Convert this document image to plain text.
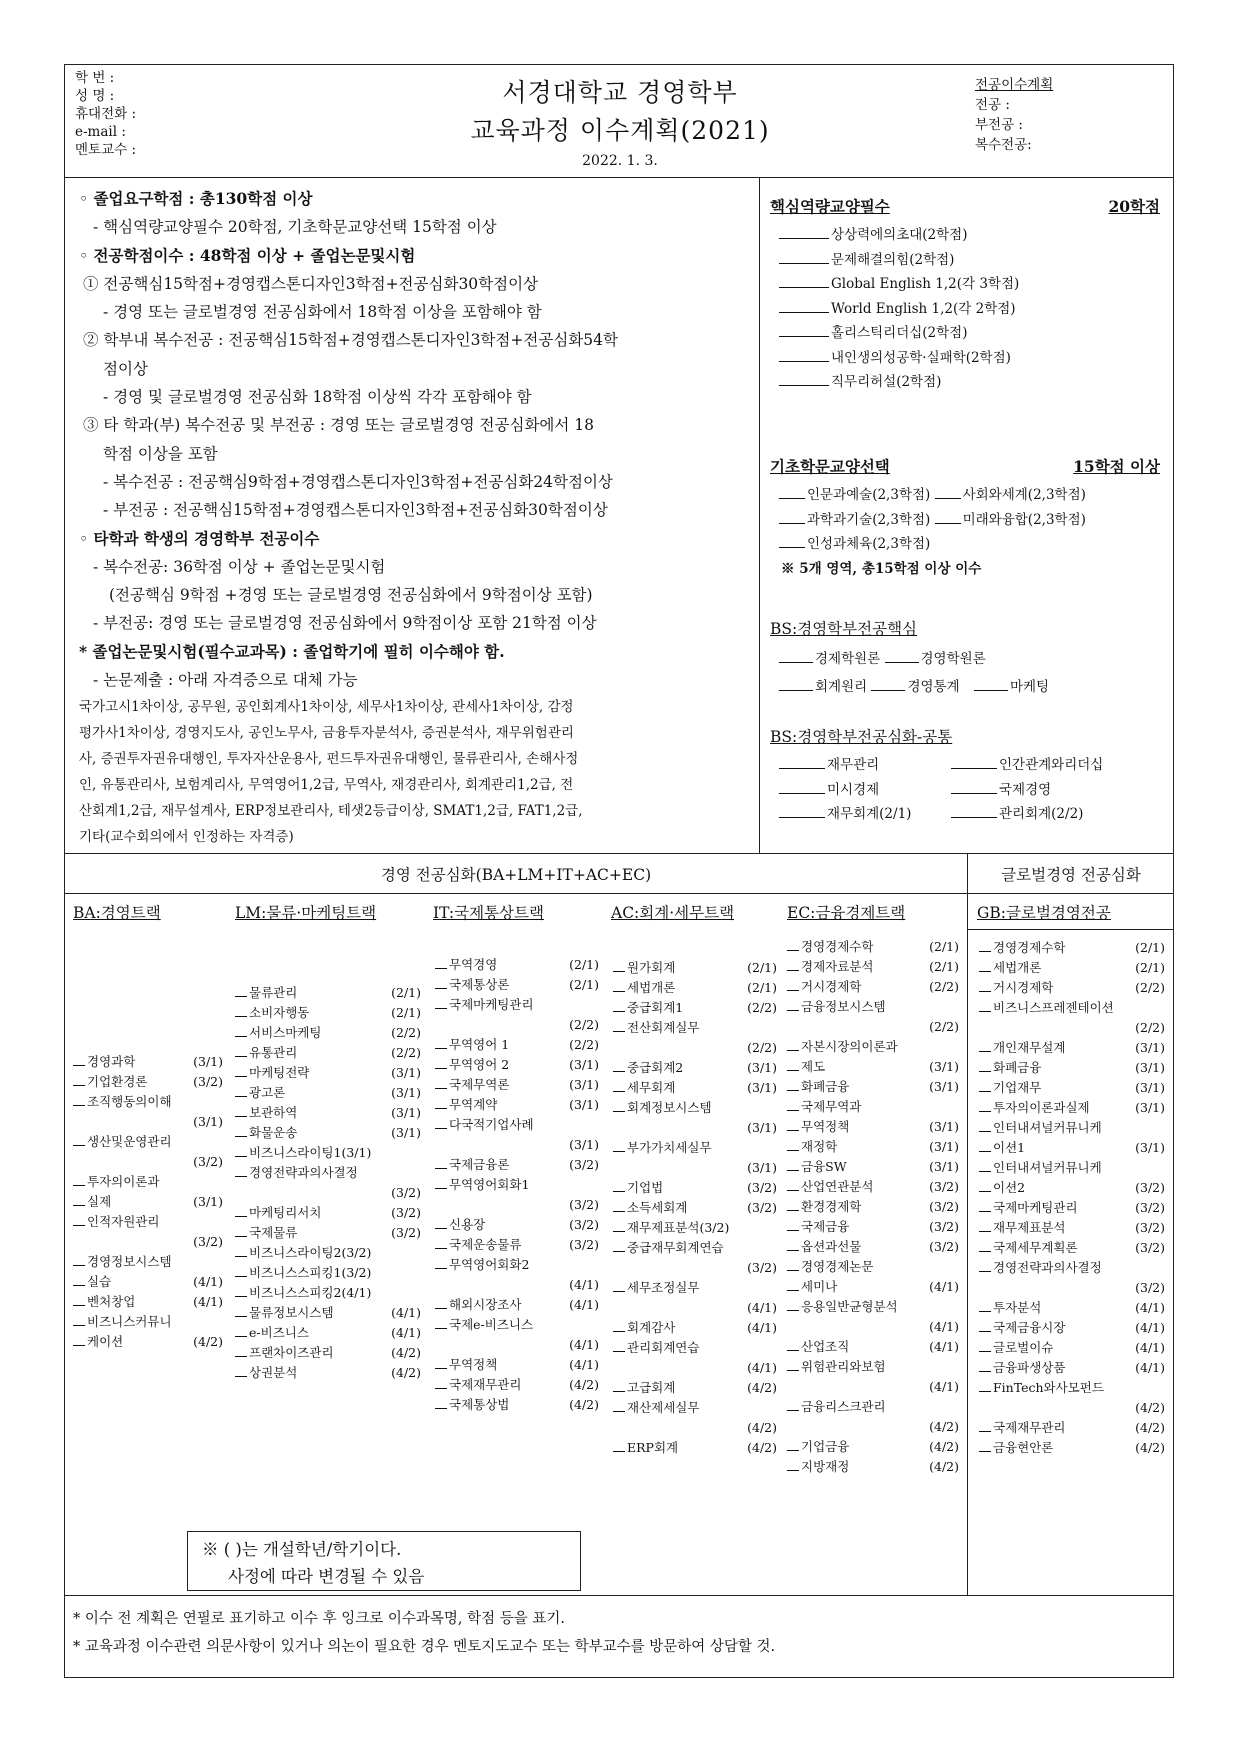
학 번 :
성 명 :
휴대전화 :
e-mail :
멘토교수 :
서경대학교 경영학부
교육과정 이수계획(2021)
2022. 1. 3.
전공이수계획
전공 :
부전공 :
복수전공:
◦ 졸업요구학점 : 총130학점 이상
- 핵심역량교양필수 20학점, 기초학문교양선택 15학점 이상
◦ 전공학점이수 : 48학점 이상 + 졸업논문및시험
① 전공핵심15학점+경영캡스톤디자인3학점+전공심화30학점이상
- 경영 또는 글로벌경영 전공심화에서 18학점 이상을 포함해야 함
② 학부내 복수전공 : 전공핵심15학점+경영캡스톤디자인3학점+전공심화54학
점이상
- 경영 및 글로벌경영 전공심화 18학점 이상씩 각각 포함해야 함
③ 타 학과(부) 복수전공 및 부전공 : 경영 또는 글로벌경영 전공심화에서 18
학점 이상을 포함
- 복수전공 : 전공핵심9학점+경영캡스톤디자인3학점+전공심화24학점이상
- 부전공 : 전공핵심15학점+경영캡스톤디자인3학점+전공심화30학점이상
◦ 타학과 학생의 경영학부 전공이수
- 복수전공: 36학점 이상 + 졸업논문및시험
(전공핵심 9학점 +경영 또는 글로벌경영 전공심화에서 9학점이상 포함)
- 부전공: 경영 또는 글로벌경영 전공심화에서 9학점이상 포함 21학점 이상
* 졸업논문및시험(필수교과목) : 졸업학기에 필히 이수해야 함.
- 논문제출 : 아래 자격증으로 대체 가능
국가고시1차이상, 공무원, 공인회계사1차이상, 세무사1차이상, 관세사1차이상, 감정
평가사1차이상, 경영지도사, 공인노무사, 금융투자분석사, 증권분석사, 재무위험관리
사, 증권투자권유대행인, 투자자산운용사, 펀드투자권유대행인, 물류관리사, 손해사정
인, 유통관리사, 보험계리사, 무역영어1,2급, 무역사, 재경관리사, 회계관리1,2급, 전
산회계1,2급, 재무설계사, ERP정보관리사, 테샛2등급이상, SMAT1,2급, FAT1,2급,
기타(교수회의에서 인정하는 자격증)
핵심역량교양필수	20학점
상상력에의초대(2학점)
문제해결의힘(2학점)
Global English 1,2(각 3학점)
World English 1,2(각 2학점)
홀리스틱리더십(2학점)
내인생의성공학·실패학(2학점)
직무리허설(2학점)
기초학문교양선택	15학점 이상
인문과예술(2,3학점) 사회와세계(2,3학점)
과학과기술(2,3학점) 미래와융합(2,3학점)
인성과체육(2,3학점)
※ 5개 영역, 총15학점 이상 이수
BS:경영학부전공핵심
경제학원론	경영학원론
회계원리	경영통계	마케팅
BS:경영학부전공심화-공통
재무관리	인간관계와리더십
미시경제	국제경영
재무회계(2/1)	관리회계(2/2)
경영 전공심화(BA+LM+IT+AC+EC)	글로벌경영 전공심화
BA:경영트랙	LM:물류·마케팅트랙	IT:국제통상트랙	AC:회계·세무트랙	EC:금융경제트랙	GB:글로벌경영전공
경영과학	(3/1)
기업환경론	(3/2)
조직행동의이해
(3/1)
생산및운영관리
(3/2)
투자의이론과
실제	(3/1)
인적자원관리
(3/2)
경영정보시스템
실습	(4/1)
벤처창업	(4/1)
비즈니스커뮤니
케이션	(4/2)
물류관리	(2/1)
소비자행동	(2/1)
서비스마케팅	(2/2)
유통관리	(2/2)
마케팅전략	(3/1)
광고론	(3/1)
보관하역	(3/1)
화물운송	(3/1)
비즈니스라이팅1(3/1)
경영전략과의사결정
(3/2)
마케팅리서치	(3/2)
국제물류	(3/2)
비즈니스라이팅2(3/2)
비즈니스스피킹1(3/2)
비즈니스스피킹2(4/1)
물류정보시스템	(4/1)
e-비즈니스	(4/1)
프랜차이즈관리	(4/2)
상권분석	(4/2)
무역경영	(2/1)
국제통상론	(2/1)
국제마케팅관리
(2/2)
무역영어 1	(2/2)
무역영어 2	(3/1)
국제무역론	(3/1)
무역계약	(3/1)
다국적기업사례
(3/1)
국제금융론	(3/2)
무역영어회화1
(3/2)
신용장	(3/2)
국제운송물류	(3/2)
무역영어회화2
(4/1)
해외시장조사	(4/1)
국제e-비즈니스
(4/1)
무역정책	(4/1)
국제재무관리	(4/2)
국제통상법	(4/2)
원가회계	(2/1)
세법개론	(2/1)
중급회계1	(2/2)
전산회계실무
(2/2)
중급회계2	(3/1)
세무회계	(3/1)
회계정보시스템
(3/1)
부가가치세실무
(3/1)
기업법	(3/2)
소득세회계	(3/2)
재무제표분석(3/2)
중급재무회계연습
(3/2)
세무조정실무
(4/1)
회계감사	(4/1)
관리회계연습
(4/1)
고급회계	(4/2)
재산제세실무
(4/2)
ERP회계	(4/2)
경영경제수학	(2/1)
경제자료분석	(2/1)
거시경제학	(2/2)
금융정보시스템
(2/2)
자본시장의이론과
제도	(3/1)
화폐금융	(3/1)
국제무역과
무역정책	(3/1)
재정학	(3/1)
금융SW	(3/1)
산업연관분석	(3/2)
환경경제학	(3/2)
국제금융	(3/2)
옵션과선물	(3/2)
경영경제논문
세미나	(4/1)
응용일반균형분석
(4/1)
산업조직	(4/1)
위험관리와보험
(4/1)
금융리스크관리
(4/2)
기업금융	(4/2)
지방재정	(4/2)
경영경제수학	(2/1)
세법개론	(2/1)
거시경제학	(2/2)
비즈니스프레젠테이션
(2/2)
개인재무설계	(3/1)
화폐금융	(3/1)
기업재무	(3/1)
투자의이론과실제	(3/1)
인터내셔널커뮤니케
이션1	(3/1)
인터내셔널커뮤니케
이션2	(3/2)
국제마케팅관리	(3/2)
재무제표분석	(3/2)
국제세무계획론	(3/2)
경영전략과의사결정
(3/2)
투자분석	(4/1)
국제금융시장	(4/1)
글로벌이슈	(4/1)
금융파생상품	(4/1)
FinTech와사모펀드
(4/2)
국제재무관리	(4/2)
금융현안론	(4/2)
※ ( )는 개설학년/학기이다.
사정에 따라 변경될 수 있음
* 이수 전 계획은 연필로 표기하고 이수 후 잉크로 이수과목명, 학점 등을 표기.
* 교육과정 이수관련 의문사항이 있거나 의논이 필요한 경우 멘토지도교수 또는 학부교수를 방문하여 상담할 것.
